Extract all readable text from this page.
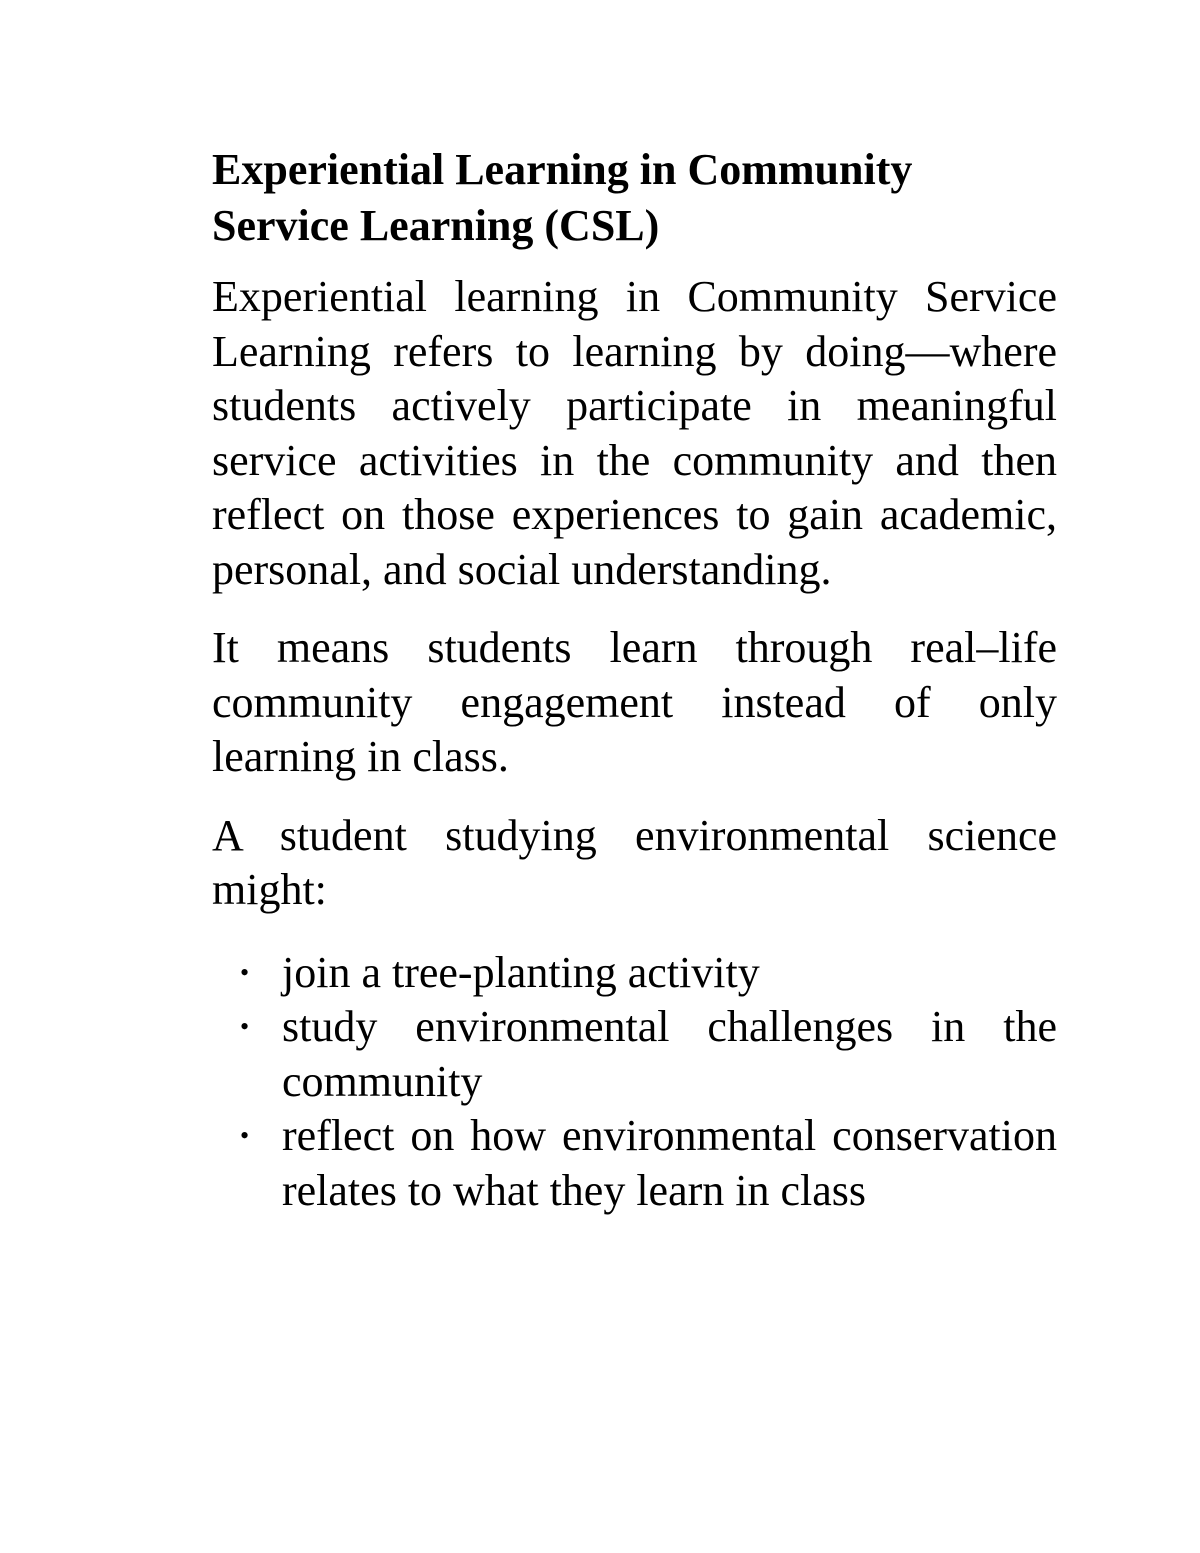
Experiential Learning in Community Service Learning (CSL)

Experiential learning in Community Service Learning refers to learning by doing—where students actively participate in meaningful service activities in the community and then reflect on those experiences to gain academic, personal, and social understanding.

It means students learn through real–life community engagement instead of only learning in class.

A student studying environmental science might:

• join a tree-planting activity
• study environmental challenges in the community
• reflect on how environmental conservation relates to what they learn in class
